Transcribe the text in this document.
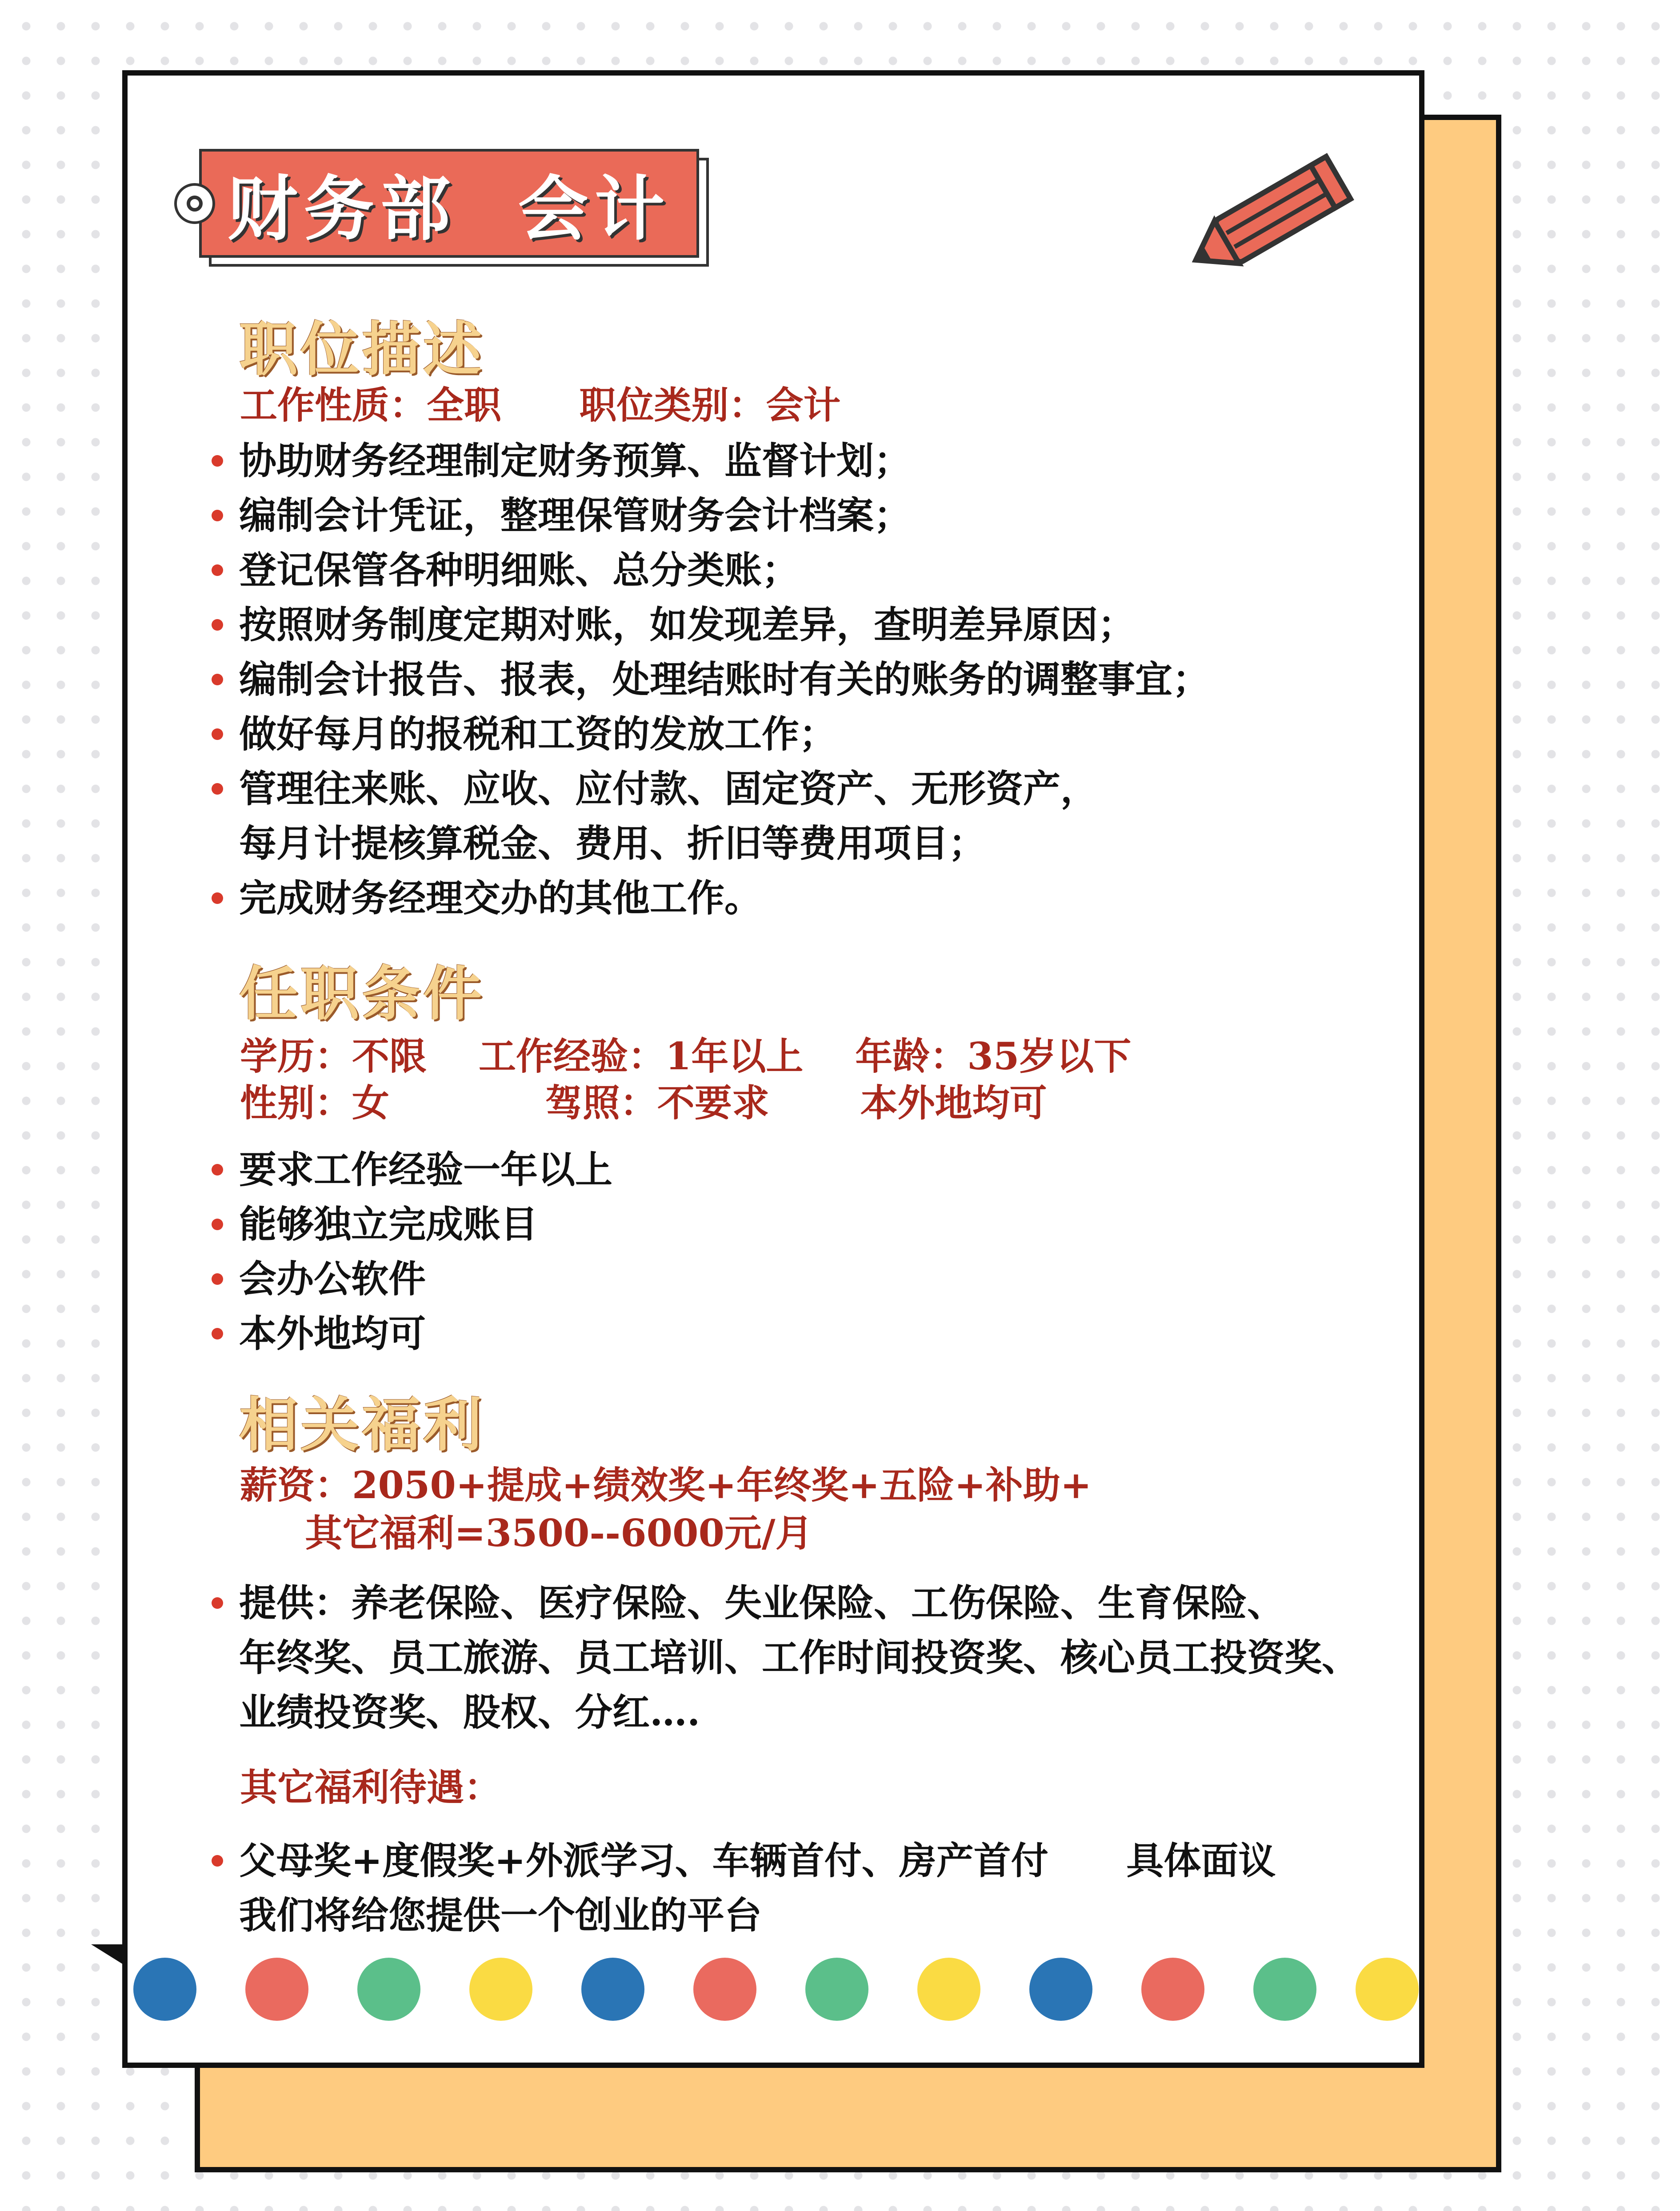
财务部  会计
职位描述
工作性质：全职      职位类别：会计
协助财务经理制定财务预算、监督计划；
编制会计凭证，整理保管财务会计档案；
登记保管各种明细账、总分类账；
按照财务制度定期对账，如发现差异，查明差异原因；
编制会计报告、报表，处理结账时有关的账务的调整事宜；
做好每月的报税和工资的发放工作；
管理往来账、应收、应付款、固定资产、无形资产，
每月计提核算税金、费用、折旧等费用项目；
完成财务经理交办的其他工作。
任职条件
学历：不限    工作经验：1年以上    年龄：35岁以下
性别：女            驾照：不要求       本外地均可
要求工作经验一年以上
能够独立完成账目
会办公软件
本外地均可
相关福利
薪资：2050+提成+绩效奖+年终奖+五险+补助+
其它福利=3500--6000元/月
提供：养老保险、医疗保险、失业保险、工伤保险、生育保险、
年终奖、员工旅游、员工培训、工作时间投资奖、核心员工投资奖、
业绩投资奖、股权、分红….
其它福利待遇：
父母奖+度假奖+外派学习、车辆首付、房产首付      具体面议
我们将给您提供一个创业的平台
